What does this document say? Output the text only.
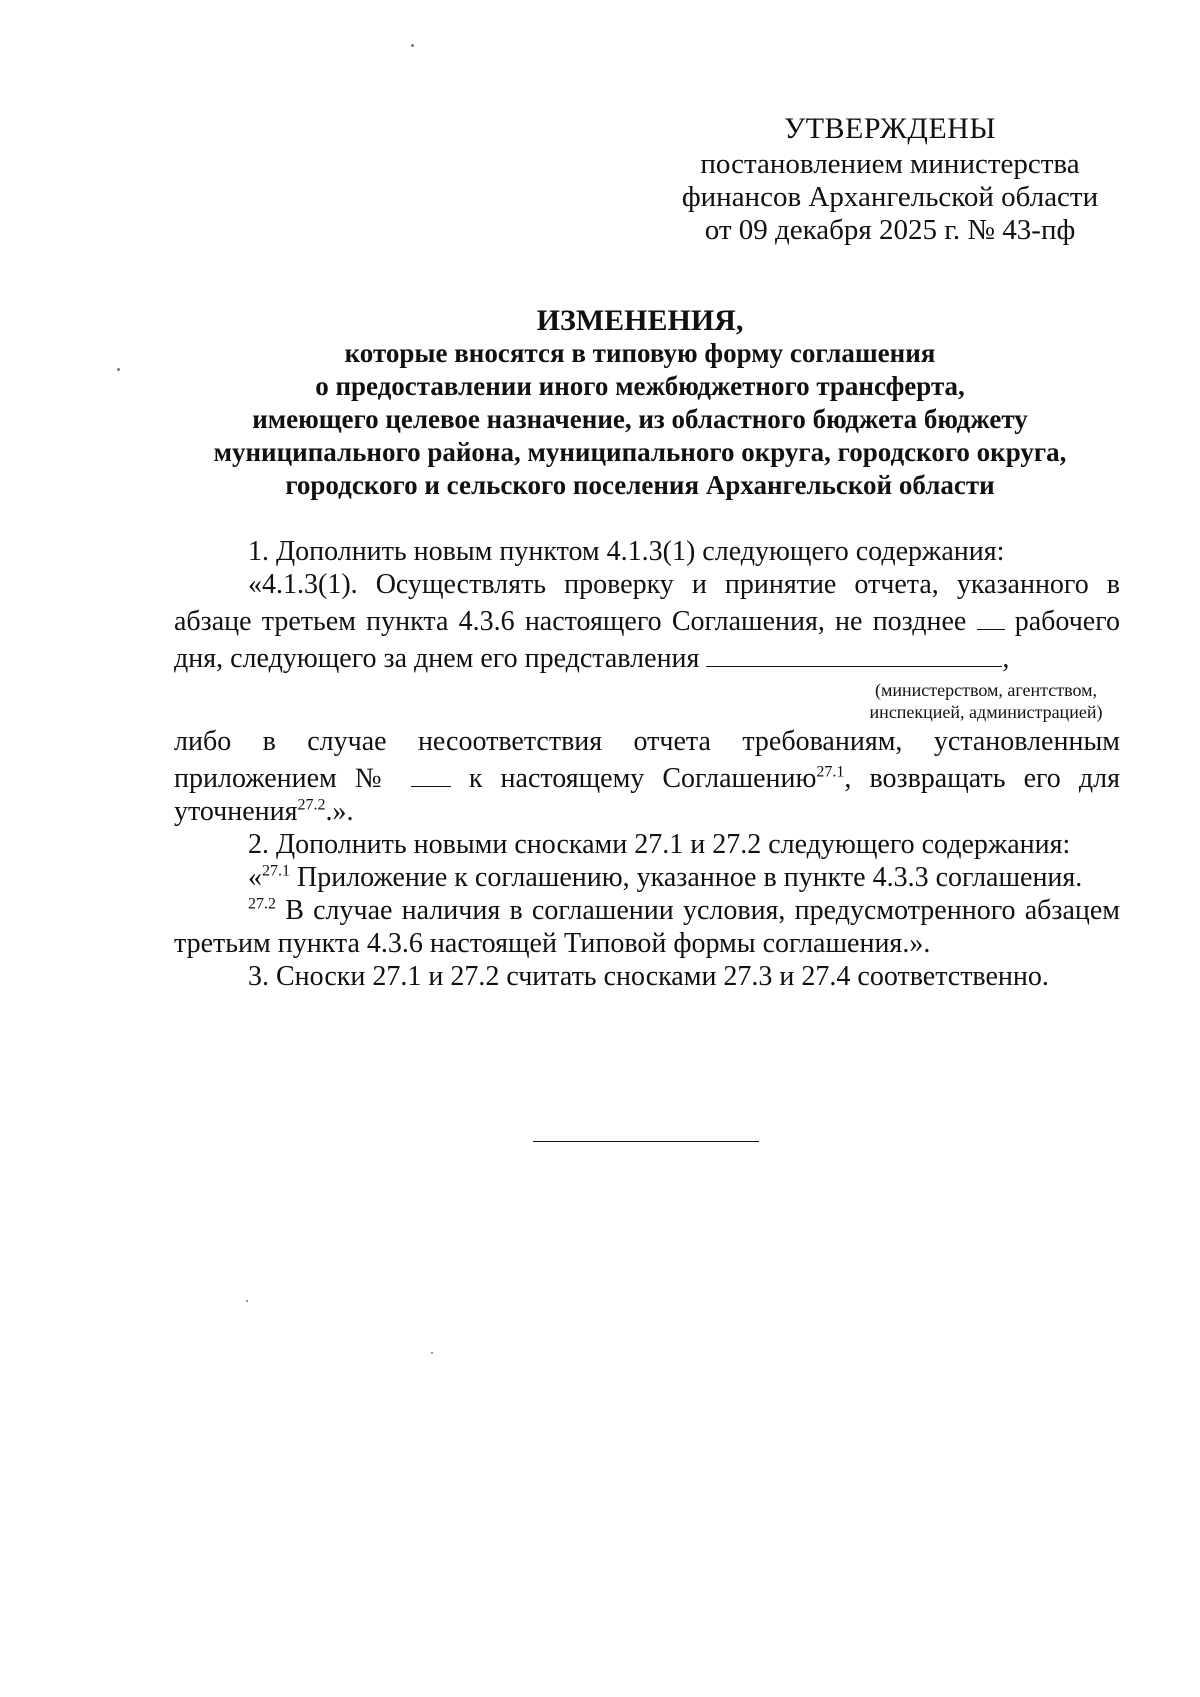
УТВЕРЖДЕНЫ
постановлением министерства
финансов Архангельской области
от 09 декабря 2025 г. № 43-пф
ИЗМЕНЕНИЯ,
которые вносятся в типовую форму соглашения
о предоставлении иного межбюджетного трансферта,
имеющего целевое назначение, из областного бюджета бюджету
муниципального района, муниципального округа, городского округа,
городского и сельского поселения Архангельской области
1. Дополнить новым пунктом 4.1.3(1) следующего содержания:
«4.1.3(1). Осуществлять проверку и принятие отчета, указанного в абзаце третьем пункта 4.3.6 настоящего Соглашения, не позднее рабочего дня, следующего за днем его представления	,
(министерством, агентством,
инспекцией, администрацией)
либо в случае несоответствия отчета требованиям, установленным приложением №	к настоящему Соглашению$^{27.1}$, возвращать его для уточнения$^{27.2}$.».
2. Дополнить новыми сносками 27.1 и 27.2 следующего содержания:
«$^{27.1}$ Приложение к соглашению, указанное в пункте 4.3.3 соглашения.
$^{27.2}$ В случае наличия в соглашении условия, предусмотренного абзацем третьим пункта 4.3.6 настоящей Типовой формы соглашения.».
3. Сноски 27.1 и 27.2 считать сносками 27.3 и 27.4 соответственно.
